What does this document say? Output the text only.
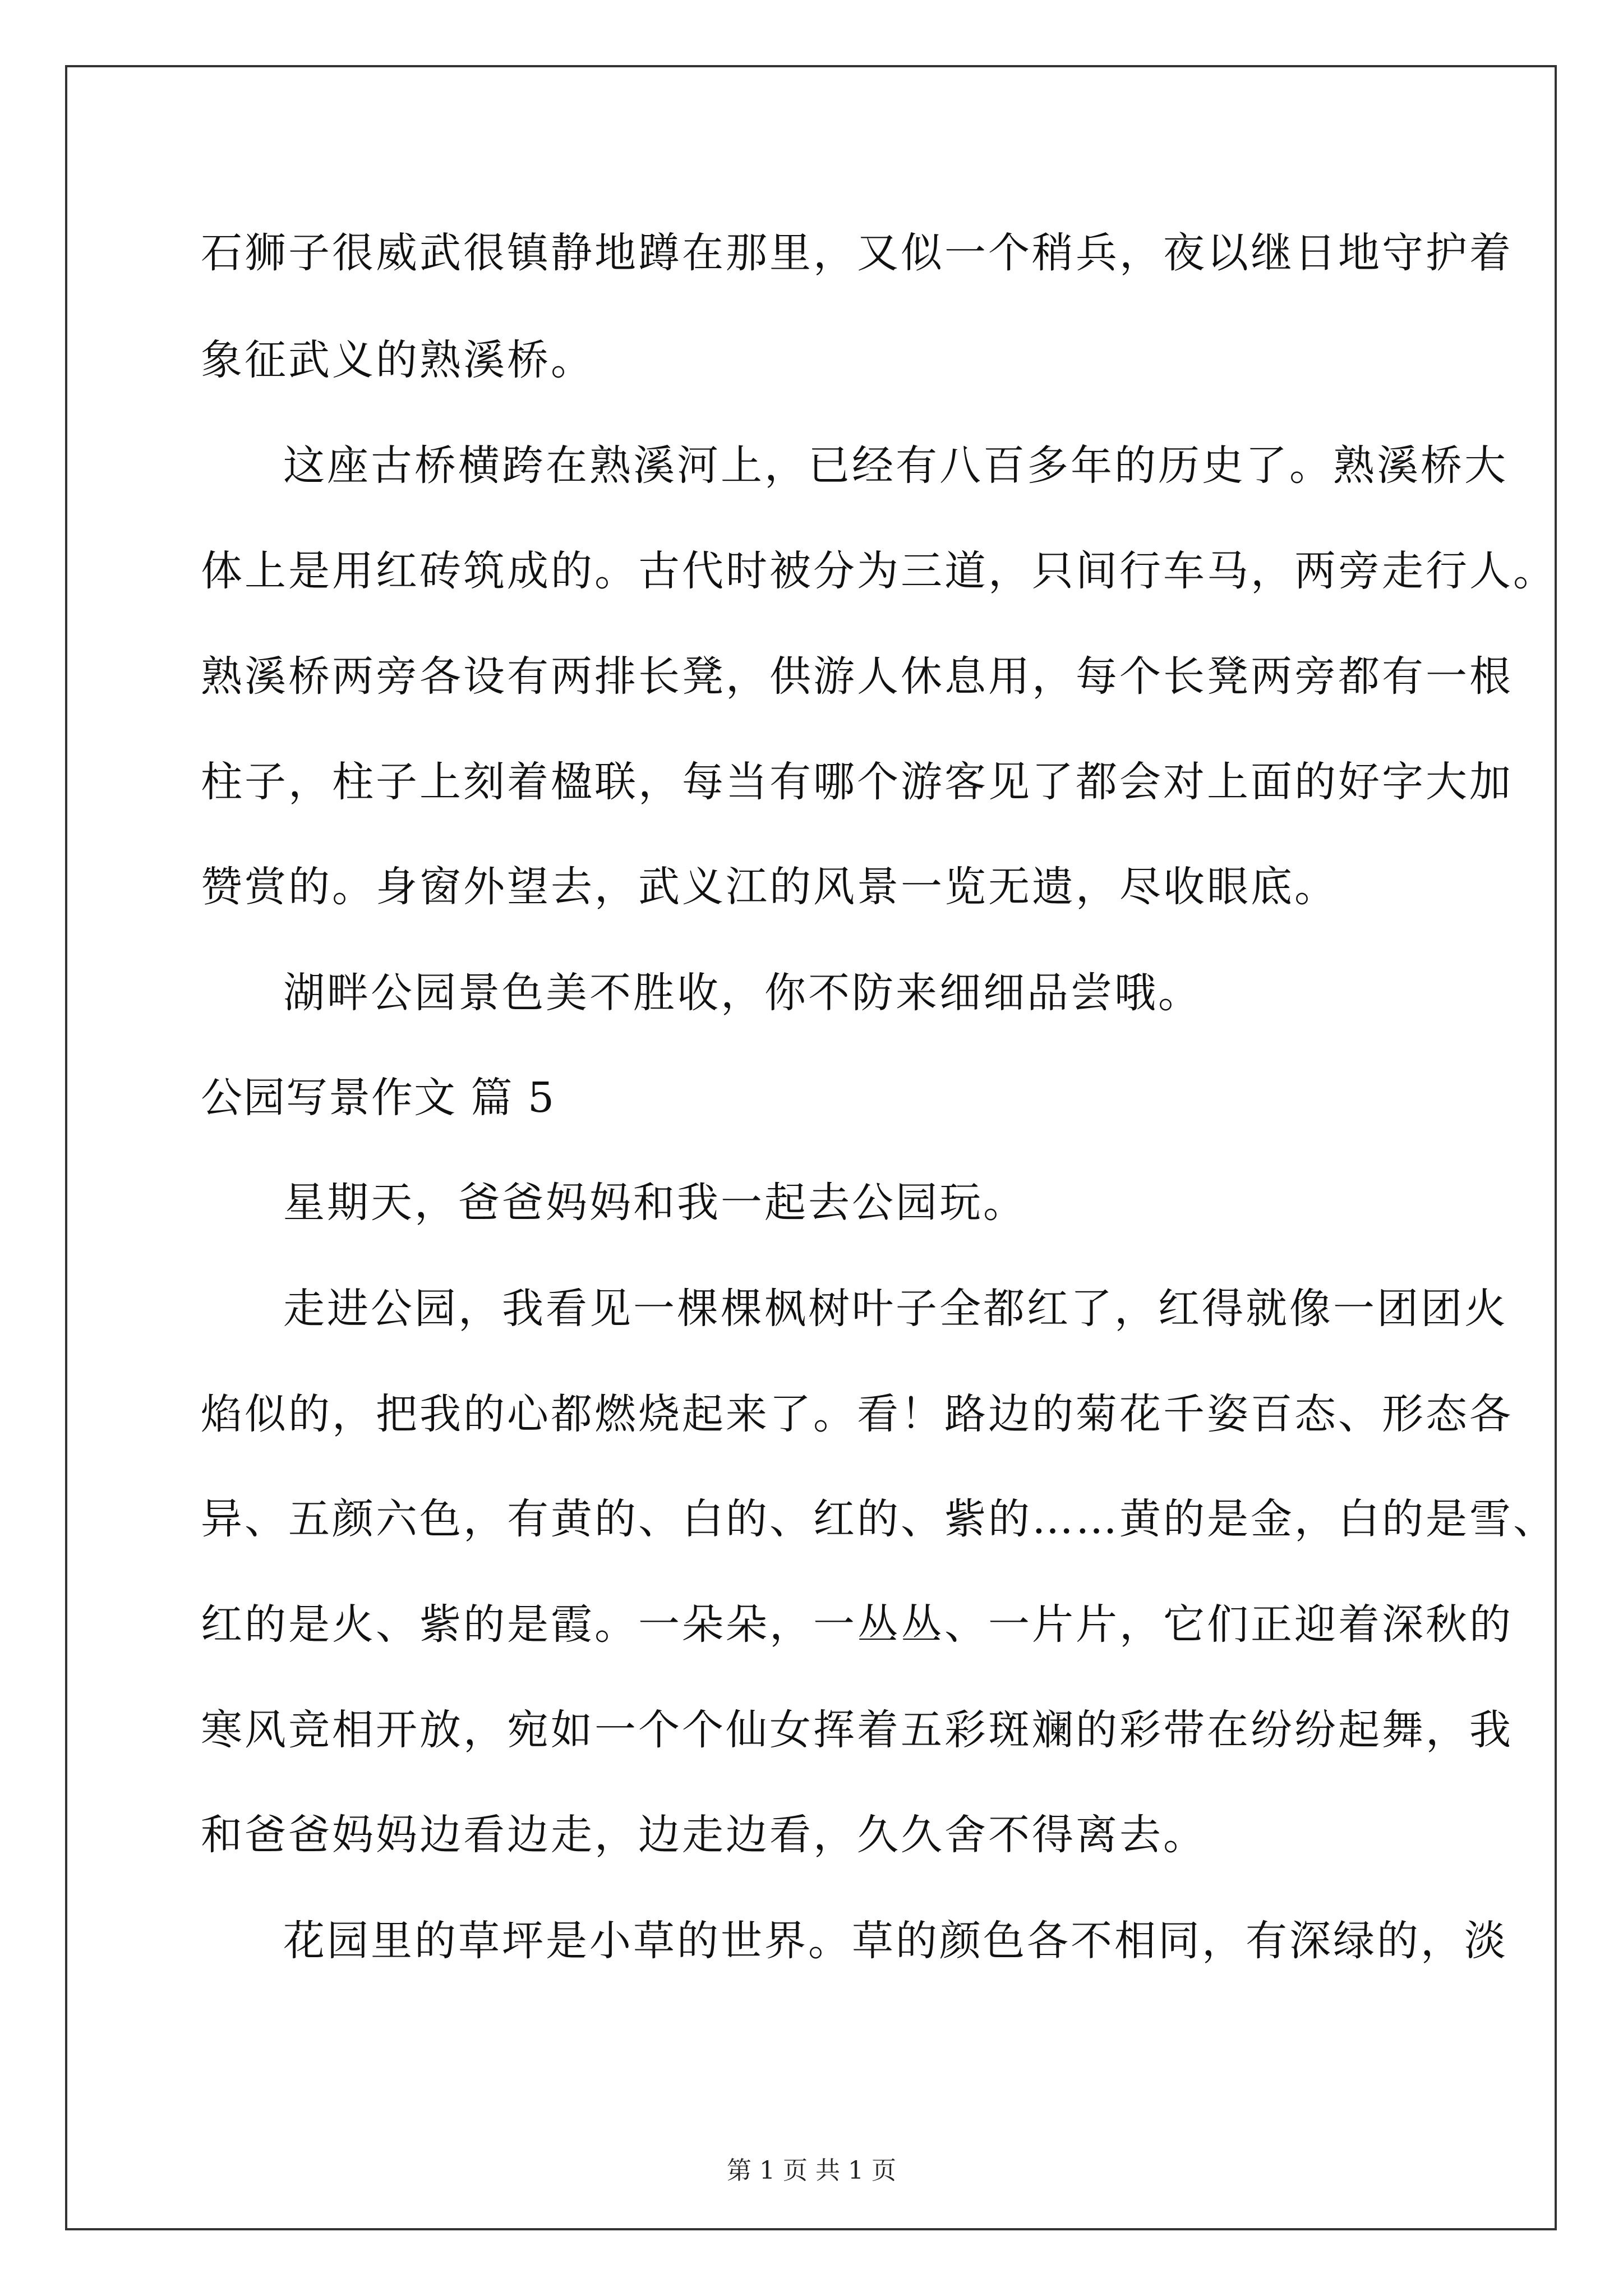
石狮子很威武很镇静地蹲在那里，又似一个稍兵，夜以继日地守护着
象征武义的熟溪桥。
这座古桥横跨在熟溪河上，已经有八百多年的历史了。熟溪桥大
体上是用红砖筑成的。古代时被分为三道，只间行车马，两旁走行人。
熟溪桥两旁各设有两排长凳，供游人休息用，每个长凳两旁都有一根
柱子，柱子上刻着楹联，每当有哪个游客见了都会对上面的好字大加
赞赏的。身窗外望去，武义江的风景一览无遗，尽收眼底。
湖畔公园景色美不胜收，你不防来细细品尝哦。
公园写景作文 篇 5
星期天，爸爸妈妈和我一起去公园玩。
走进公园，我看见一棵棵枫树叶子全都红了，红得就像一团团火
焰似的，把我的心都燃烧起来了。看！路边的菊花千姿百态、形态各
异、五颜六色，有黄的、白的、红的、紫的……黄的是金，白的是雪、
红的是火、紫的是霞。一朵朵，一丛丛、一片片，它们正迎着深秋的
寒风竞相开放，宛如一个个仙女挥着五彩斑斓的彩带在纷纷起舞，我
和爸爸妈妈边看边走，边走边看，久久舍不得离去。
花园里的草坪是小草的世界。草的颜色各不相同，有深绿的，淡
第 1 页 共 1 页
